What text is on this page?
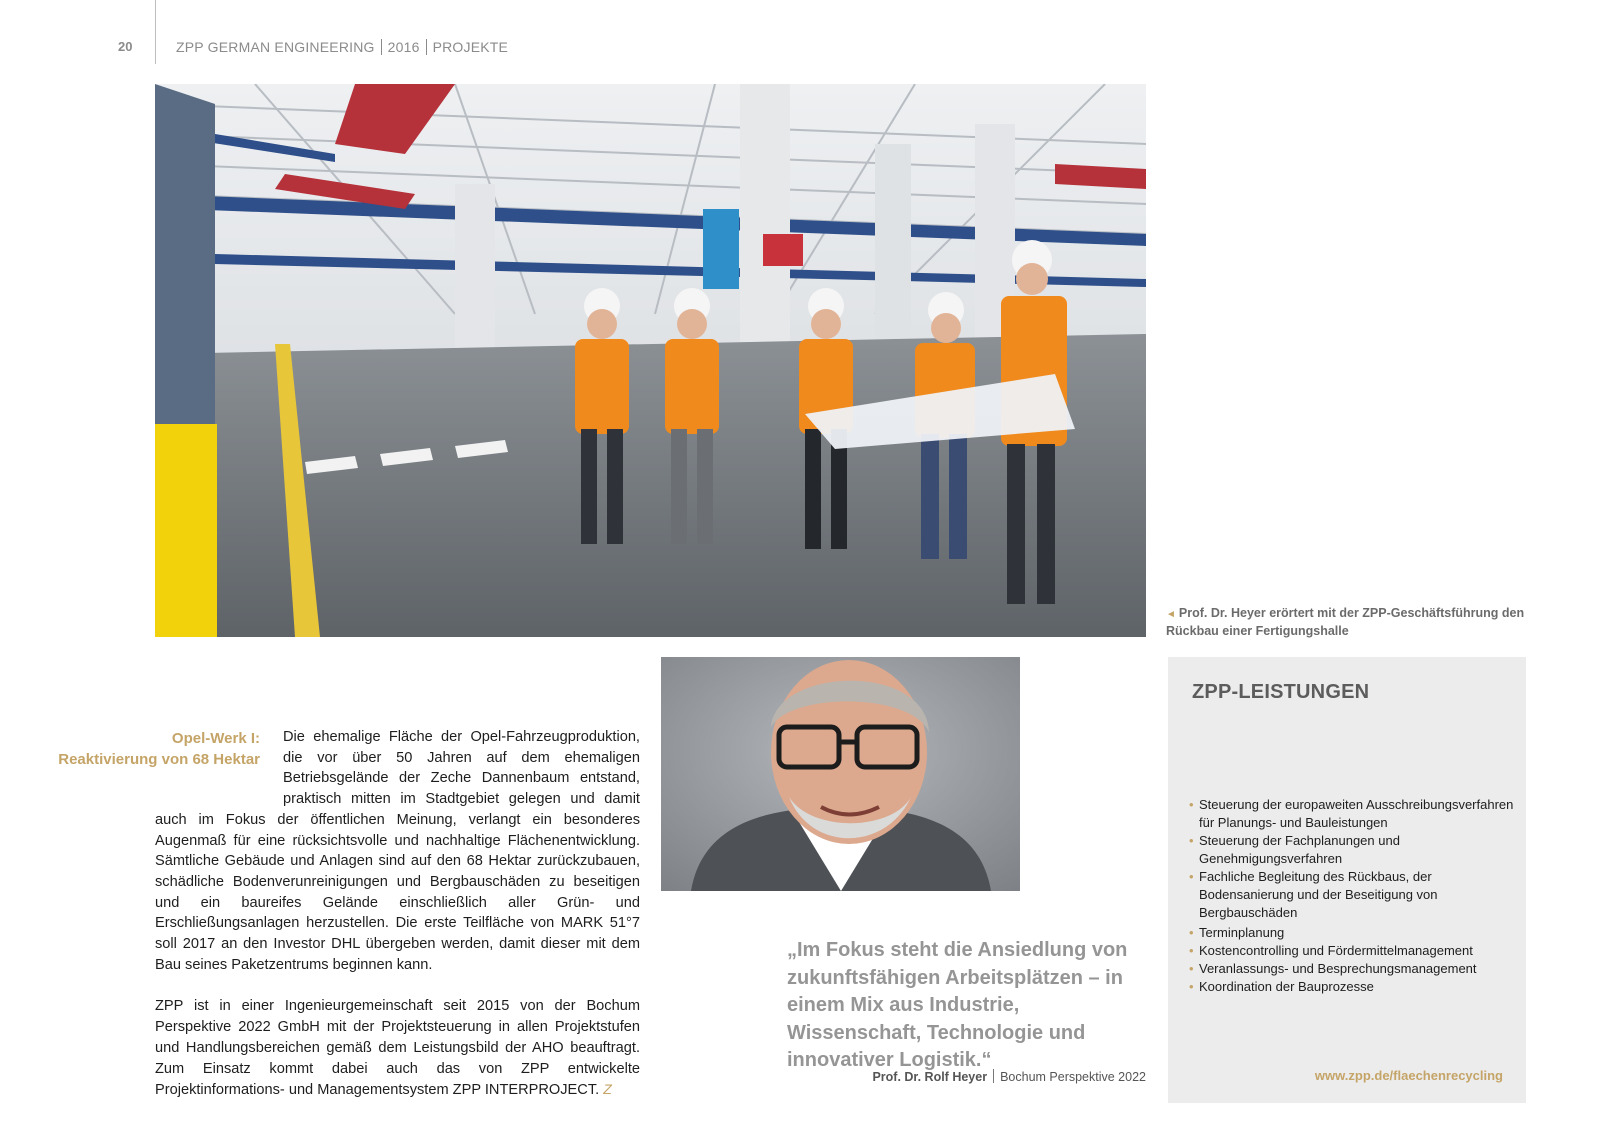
20	ZPP GERMAN ENGINEERING 2016 PROJEKTE
◄ Prof. Dr. Heyer erörtert mit der ZPP-Geschäftsführung den Rückbau einer Fertigungshalle
Opel-Werk I:
Reaktivierung von 68 Hektar

Die ehemalige Fläche der Opel-Fahrzeugproduktion, die vor über 50 Jahren auf dem ehemaligen Betriebsgelände der Zeche Dannenbaum entstand, praktisch mitten im Stadtgebiet gelegen und damit auch im Fokus der öffentlichen Meinung, verlangt ein besonderes Augenmaß für eine rücksichtsvolle und nachhaltige Flächenentwicklung. Sämtliche Gebäude und Anlagen sind auf den 68 Hektar zurückzubauen, schädliche Bodenverunreinigungen und Bergbauschäden zu beseitigen und ein baureifes Gelände einschließlich aller Grün- und Erschließungsanlagen herzustellen. Die erste Teilfläche von MARK 51°7 soll 2017 an den Investor DHL übergeben werden, damit dieser mit dem Bau seines Paketzentrums beginnen kann.

ZPP ist in einer Ingenieurgemeinschaft seit 2015 von der Bochum Perspektive 2022 GmbH mit der Projektsteuerung in allen Projektstufen und Handlungsbereichen gemäß dem Leistungsbild der AHO beauftragt. Zum Einsatz kommt dabei auch das von ZPP entwickelte Projektinformations- und Managementsystem ZPP INTERPROJECT. Z

„Im Fokus steht die Ansiedlung von zukunftsfähigen Arbeitsplätzen – in einem Mix aus Industrie, Wissenschaft, Technologie und innovativer Logistik.“
Prof. Dr. Rolf Heyer Bochum Perspektive 2022
ZPP-LEISTUNGEN
• Steuerung der europaweiten Ausschreibungsverfahren für Planungs- und Bauleistungen
• Steuerung der Fachplanungen und Genehmigungsverfahren
• Fachliche Begleitung des Rückbaus, der Bodensanierung und der Beseitigung von Bergbauschäden
• Terminplanung
• Kostencontrolling und Fördermittelmanagement
• Veranlassungs- und Besprechungsmanagement
• Koordination der Bauprozesse
www.zpp.de/flaechenrecycling
